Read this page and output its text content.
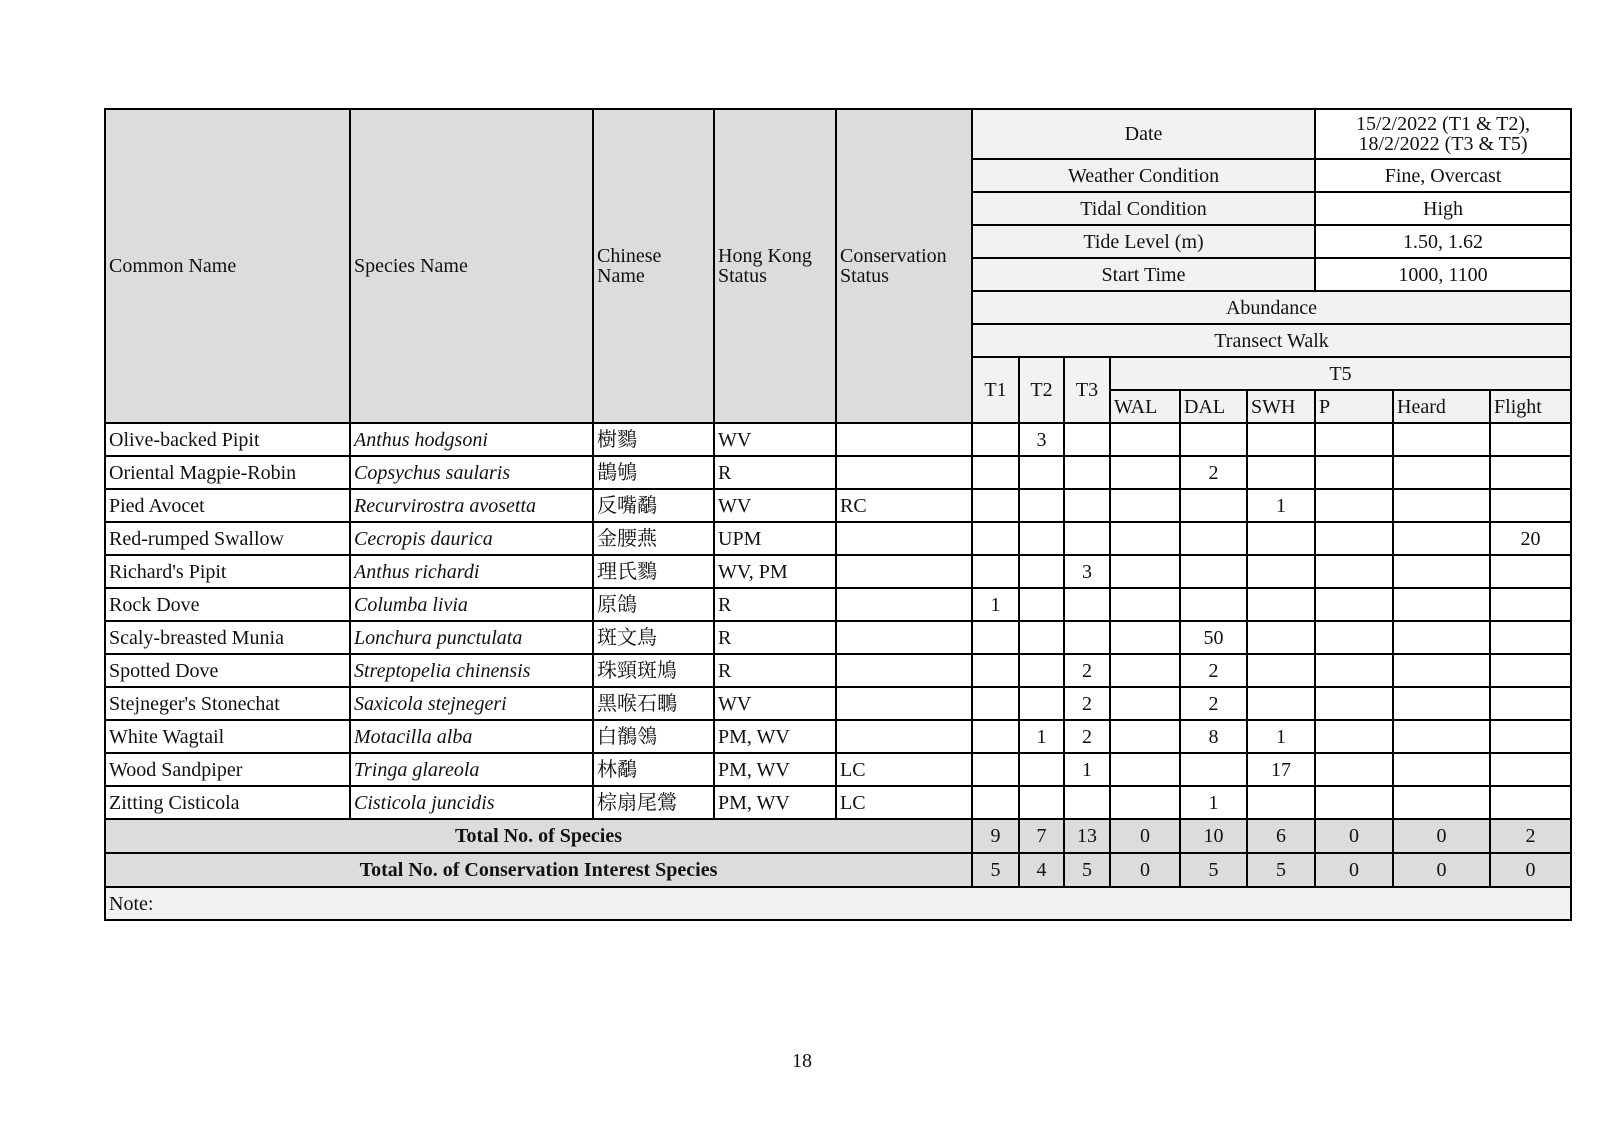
Common Name	Species Name	Chinese Name	Hong Kong Status	Conservation Status	Date						15/2/2022 (T1 & T2), 18/2/2022 (T3 & T5)		
					Weather Condition						Fine, Overcast		
					Tidal Condition						High		
					Tide Level (m)						1.50, 1.62		
					Start Time						1000, 1100		
					Abundance								
					Transect Walk								
					T1	T2	T3	T5					
								WAL	DAL	SWH	P	Heard	Flight
Olive-backed Pipit	Anthus hodgsoni	樹鷚	WV			3							
Oriental Magpie-Robin	Copsychus saularis	鵲鴝	R						2				
Pied Avocet	Recurvirostra avosetta	反嘴鷸	WV	RC						1			
Red-rumped Swallow	Cecropis daurica	金腰燕	UPM										20
Richard's Pipit	Anthus richardi	理氏鷚	WV, PM				3						
Rock Dove	Columba livia	原鴿	R		1								
Scaly-breasted Munia	Lonchura punctulata	斑文鳥	R						50				
Spotted Dove	Streptopelia chinensis	珠頸斑鳩	R				2		2				
Stejneger's Stonechat	Saxicola stejnegeri	黑喉石䳭	WV				2		2				
White Wagtail	Motacilla alba	白鶺鴒	PM, WV			1	2		8	1			
Wood Sandpiper	Tringa glareola	林鷸	PM, WV	LC			1			17			
Zitting Cisticola	Cisticola juncidis	棕扇尾鶯	PM, WV	LC					1				
Total No. of Species					9	7	13	0	10	6	0	0	2
Total No. of Conservation Interest Species					5	4	5	0	5	5	0	0	0
Note:													
18
